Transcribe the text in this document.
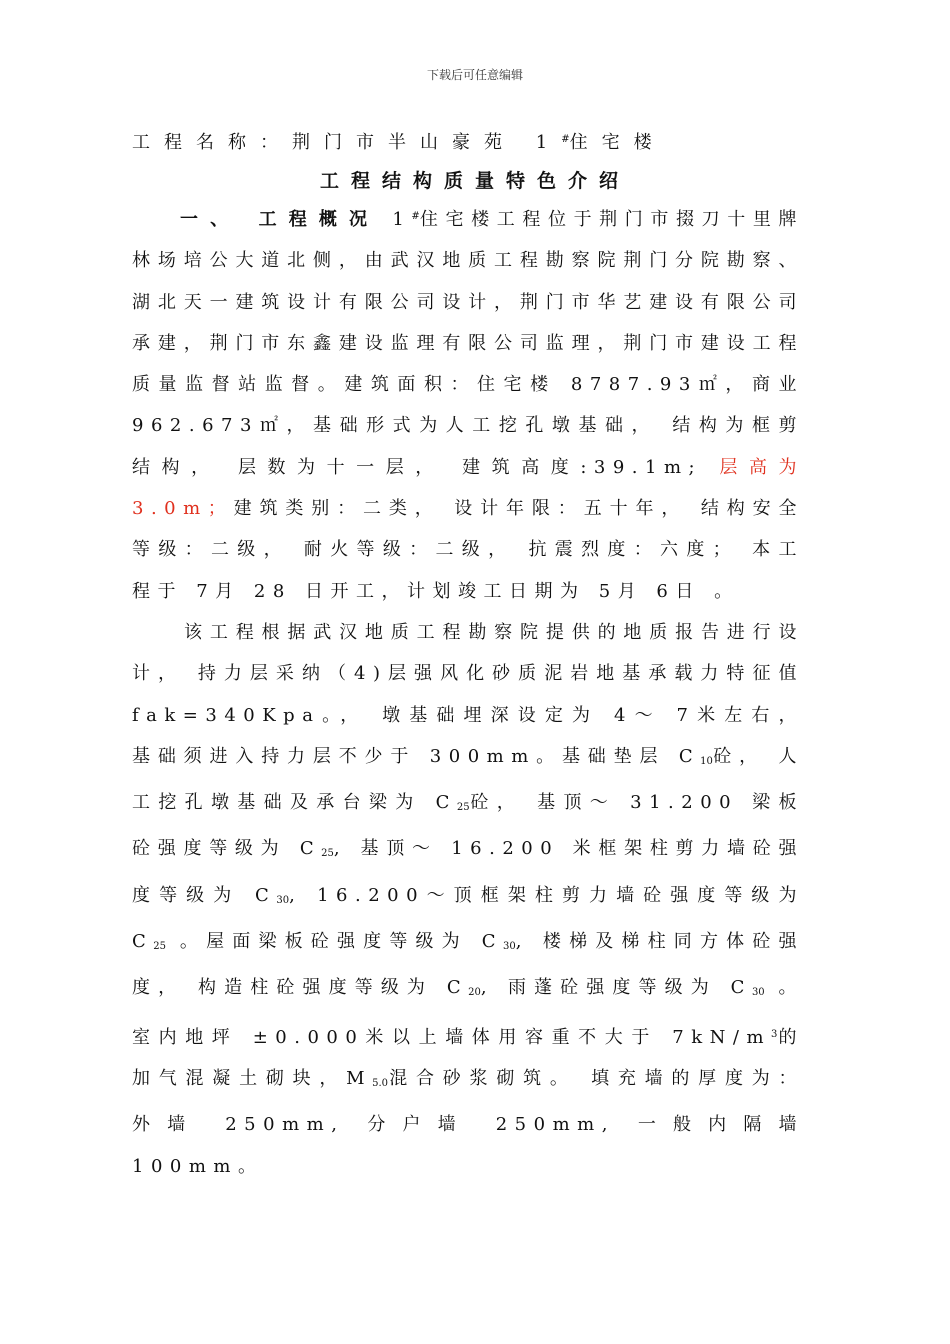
下载后可任意编辑
工程名称：荆门市半山豪苑 1#住宅楼
工程结构质量特色介绍

一、 工程概况 1#住宅楼工程位于荆门市掇刀十里牌林场培公大道北侧，由武汉地质工程勘察院荆门分院勘察、 湖北天一建筑设计有限公司设计，荆门市华艺建设有限公司承建，荆门市东鑫建设监理有限公司监理，荆门市建设工程质量监督站监督。建筑面积：住宅楼 8787.93㎡，商业962.673㎡，基础形式为人工挖孔墩基础， 结构为框剪结构， 层数为十一层， 建筑高度:39.1m; 层高为 3.0m；建筑类别：二类， 设计年限：五十年， 结构安全等级：二级， 耐火等级：二级， 抗震烈度：六度； 本工程于 7月 28 日开工，计划竣工日期为 5月 6日 。

该工程根据武汉地质工程勘察院提供的地质报告进行设计， 持力层采纳（4)层强风化砂质泥岩地基承载力特征值 fak=340Kpa。， 墩基础埋深设定为 4～ 7米左右， 基础须进入持力层不少于 300mm。基础垫层 $C_{10}$砼， 人工挖孔墩基础及承台梁为 $C_{25}$砼， 基顶～ 31.200 梁板砼强度等级为 $C_{25}$, 基顶～ 16.200 米框架柱剪力墙砼强度等级为 $C_{30}$, 16.200～顶框架柱剪力墙砼强度等级为 $C_{25}$ 。屋面梁板砼强度等级为 $C_{30}$, 楼梯及梯柱同方体砼强度， 构造柱砼强度等级为 $C_{20}$, 雨蓬砼强度等级为 $C_{30}$ 。室内地坪 ±0.000米以上墙体用容重不大于 $7kN/m^3$的加气混凝土砌块，$M_{5.0}$混合砂浆砌筑。 填充墙的厚度为： 外墙 250mm, 分户墙 250mm, 一般内隔墙 100mm。
